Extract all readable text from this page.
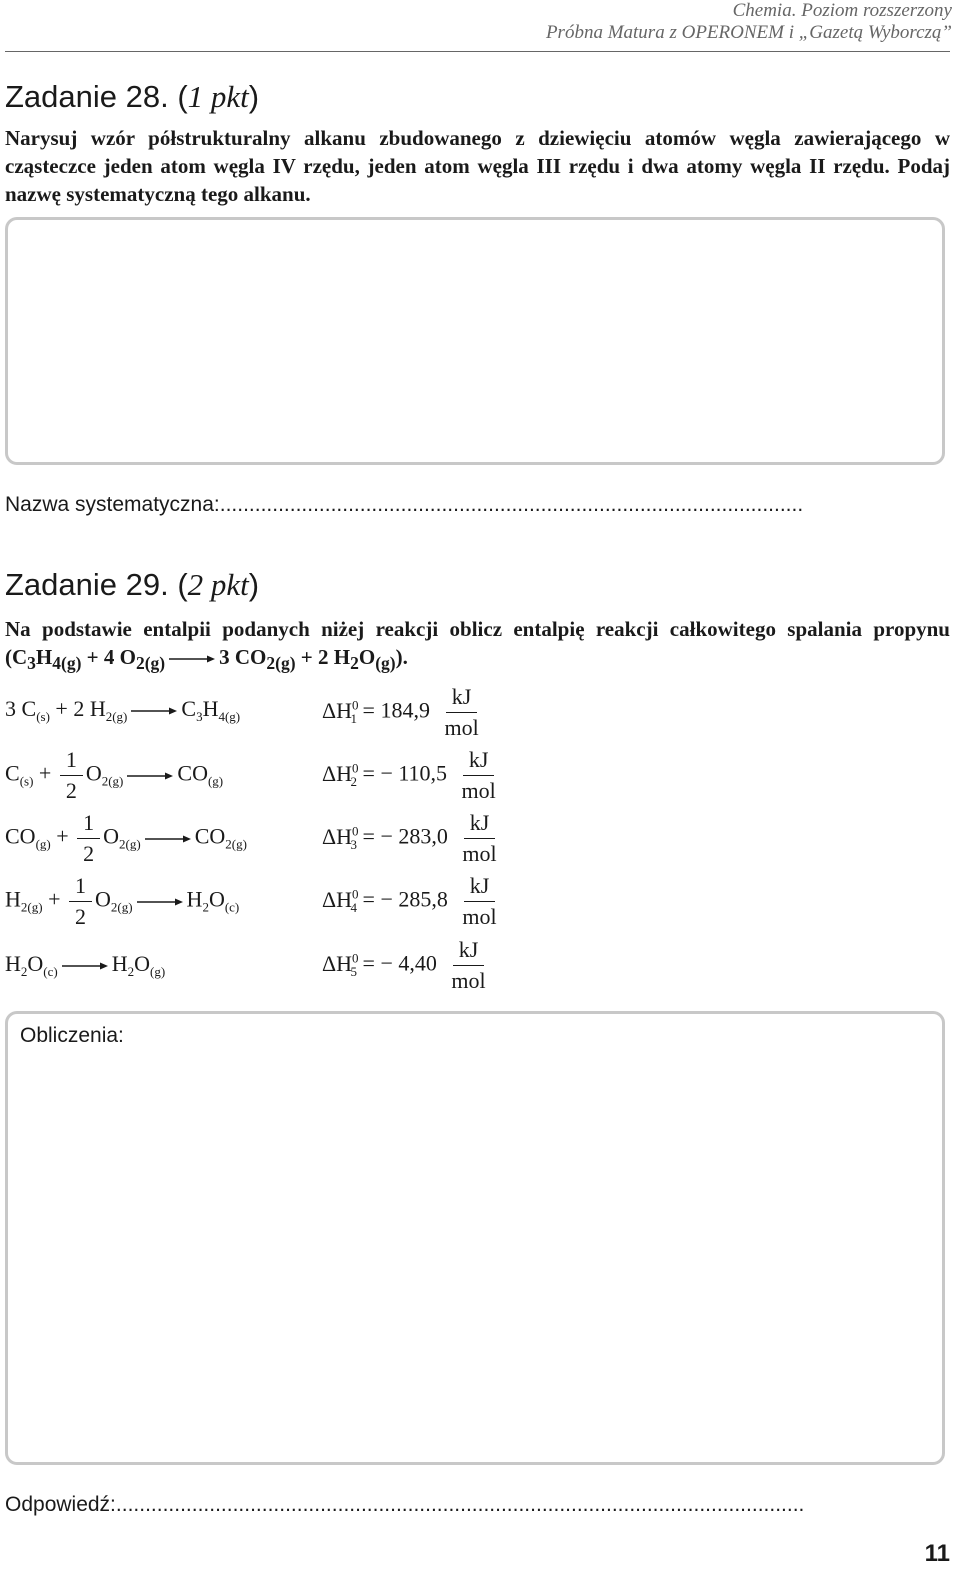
Chemia. Poziom rozszerzony
Próbna Matura z OPERONEM i „Gazetą Wyborczą”
Zadanie 28. (1 pkt)
Narysuj wzór półstrukturalny alkanu zbudowanego z dziewięciu atomów węgla zawierającego w cząsteczce jeden atom węgla IV rzędu, jeden atom węgla III rzędu i dwa atomy węgla II rzędu. Podaj nazwę systematyczną tego alkanu.
Nazwa systematyczna:....................................................................................................
Zadanie 29. (2 pkt)
Na podstawie entalpii podanych niżej reakcji oblicz entalpię reakcji całkowitego spalania propynu ($C_3H_{4(g)} + 4$ $O_{2(g)} \to 3$ $CO_{2(g)} + 2$ $H_2O_{(g)}$).
3 $C_{(s)} + 2$ $H_{2(g)} \to C_3H_{4(g)}$	$\Delta H^0_1 = 184,9 \frac{kJ}{\text{mol}}$
$C_{(s)} + \frac{1}{2} O_{2(g)} \to CO_{(g)}$	$\Delta H^0_2$ = − $110,5 \frac{kJ}{\text{mol}}$
$CO_{(g)} + \frac{1}{2} O_{2(g)} \to CO_{2(g)}$	$\Delta H^0_3$ = − $283,0 \frac{kJ}{\text{mol}}$
$H_{2(g)} + \frac{1}{2} O_{2(g)} \to H_2O_{(c)}$	$\Delta H^0_4$ = − $285,8 \frac{kJ}{\text{mol}}$
$H_2O_{(c)} \to H_2O_{(g)}$	$\Delta H^0_5$ = − $4,40 \frac{kJ}{\text{mol}}$
Obliczenia:
Odpowiedź:......................................................................................................................
11
